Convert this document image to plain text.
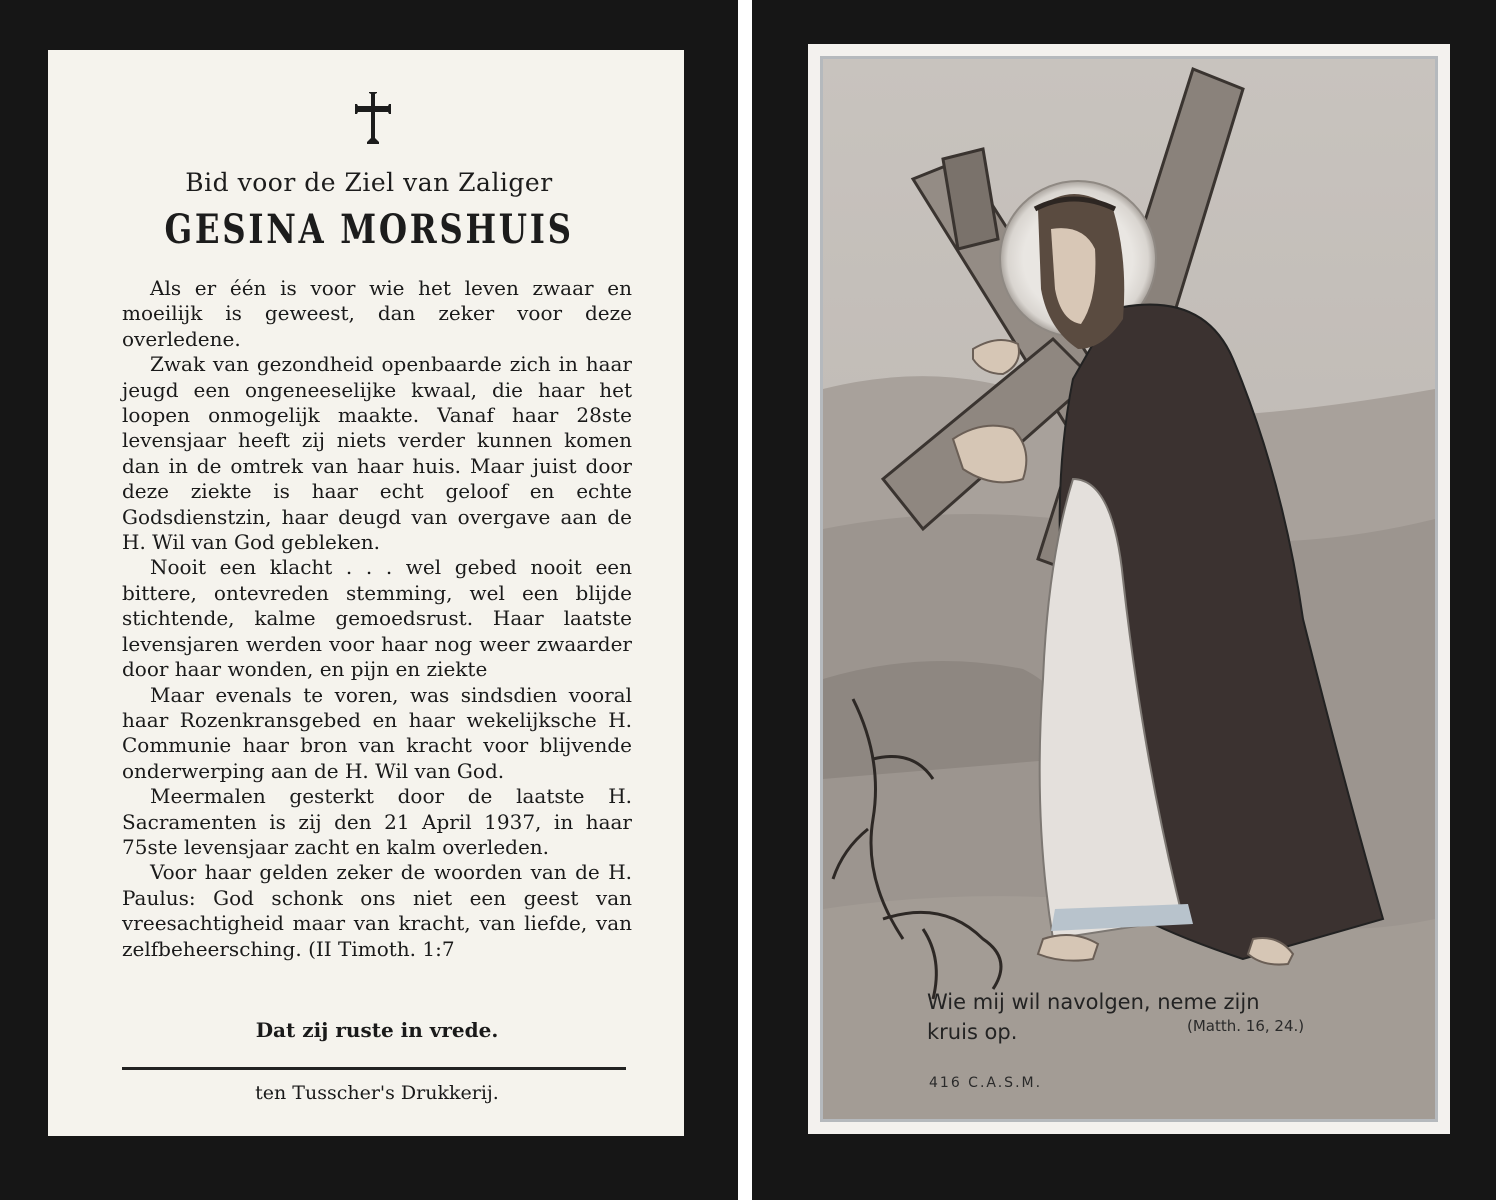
Bid voor de Ziel van Zaliger
GESINA MORSHUIS

Als er één is voor wie het leven zwaar en moeilijk is geweest, dan zeker voor deze overledene.

Zwak van gezondheid openbaarde zich in haar jeugd een ongeneeselijke kwaal, die haar het loopen onmogelijk maakte. Vanaf haar 28ste levensjaar heeft zij niets verder kunnen komen dan in de omtrek van haar huis. Maar juist door deze ziekte is haar echt geloof en echte Godsdienstzin, haar deugd van overgave aan de H. Wil van God gebleken.

Nooit een klacht . . . wel gebed nooit een bittere, ontevreden stemming, wel een blijde stichtende, kalme gemoedsrust. Haar laatste levensjaren werden voor haar nog weer zwaarder door haar wonden, en pijn en ziekte

Maar evenals te voren, was sindsdien vooral haar Rozenkransgebed en haar wekelijksche H. Communie haar bron van kracht voor blijvende onderwerping aan de H. Wil van God.

Meermalen gesterkt door de laatste H. Sacramenten is zij den 21 April 1937, in haar 75ste levensjaar zacht en kalm overleden.

Voor haar gelden zeker de woorden van de H. Paulus: God schonk ons niet een geest van vreesachtigheid maar van kracht, van liefde, van zelfbeheersching. (II Timoth. 1:7

Dat zij ruste in vrede.
ten Tusscher's Drukkerij.
Wie mij wil navolgen, neme zijn
kruis op.	(Matth. 16, 24.)
416 C.A.S.M.
